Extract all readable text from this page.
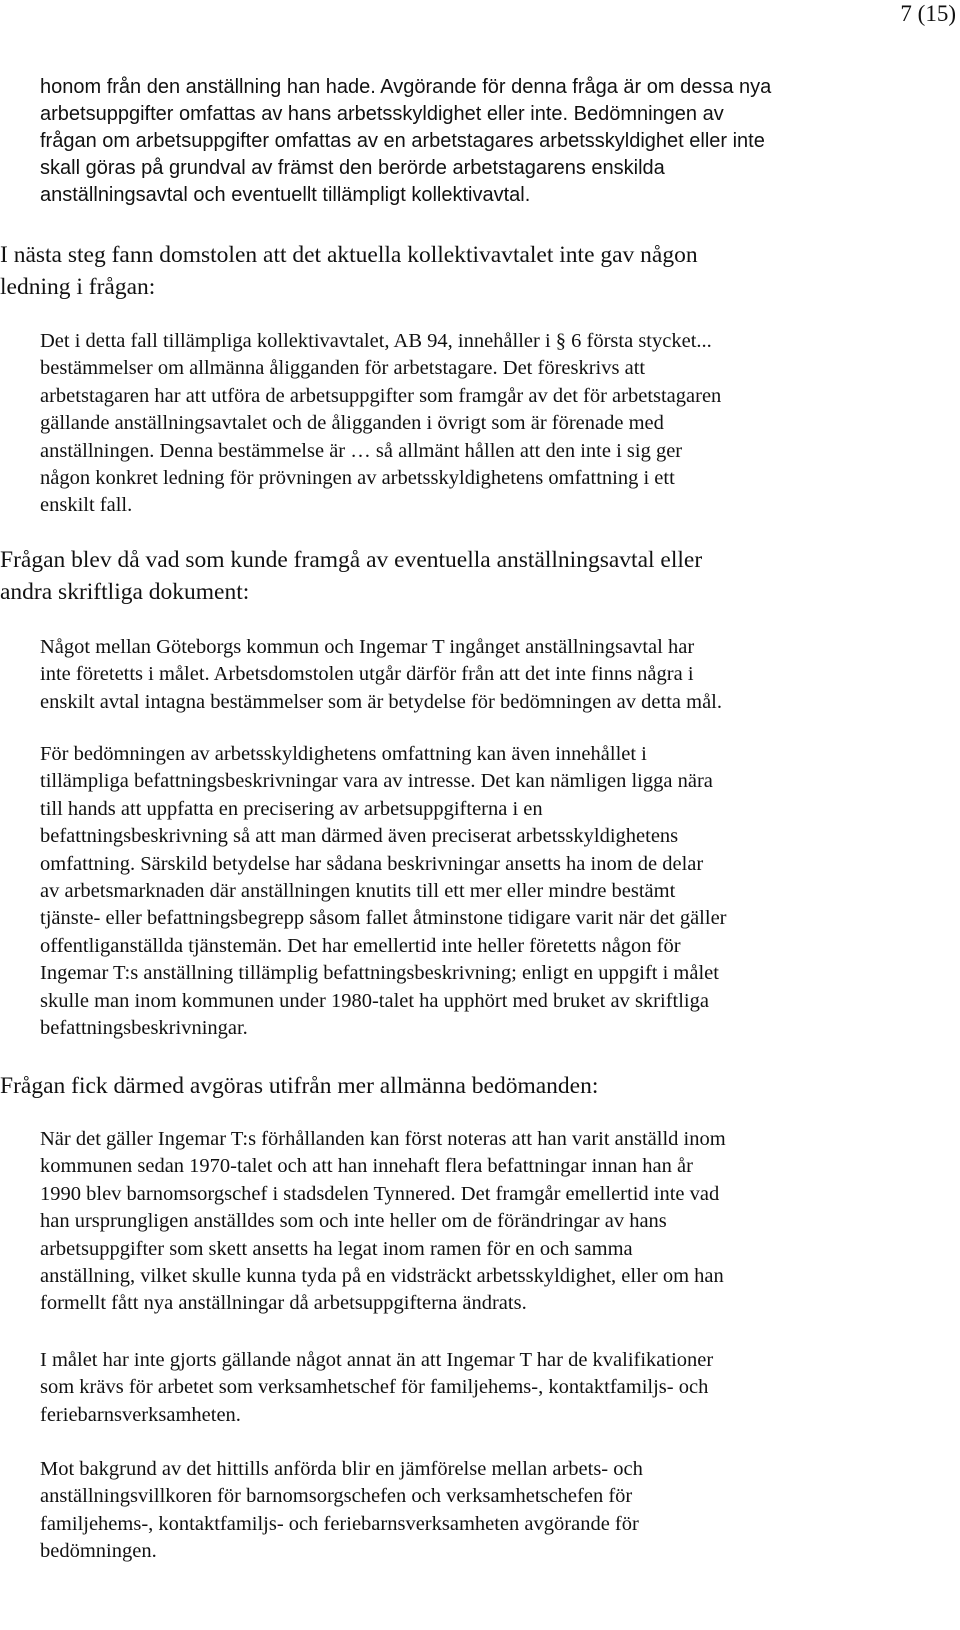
7 (15)

honom från den anställning han hade. Avgörande för denna fråga är om dessa nya
arbetsuppgifter omfattas av hans arbetsskyldighet eller inte. Bedömningen av
frågan om arbetsuppgifter omfattas av en arbetstagares arbetsskyldighet eller inte
skall göras på grundval av främst den berörde arbetstagarens enskilda
anställningsavtal och eventuellt tillämpligt kollektivavtal.

I nästa steg fann domstolen att det aktuella kollektivavtalet inte gav någon
ledning i frågan:

Det i detta fall tillämpliga kollektivavtalet, AB 94, innehåller i § 6 första stycket...
bestämmelser om allmänna åligganden för arbetstagare. Det föreskrivs att
arbetstagaren har att utföra de arbetsuppgifter som framgår av det för arbetstagaren
gällande anställningsavtalet och de åligganden i övrigt som är förenade med
anställningen. Denna bestämmelse är … så allmänt hållen att den inte i sig ger
någon konkret ledning för prövningen av arbetsskyldighetens omfattning i ett
enskilt fall.

Frågan blev då vad som kunde framgå av eventuella anställningsavtal eller
andra skriftliga dokument:

Något mellan Göteborgs kommun och Ingemar T ingånget anställningsavtal har
inte företetts i målet. Arbetsdomstolen utgår därför från att det inte finns några i
enskilt avtal intagna bestämmelser som är betydelse för bedömningen av detta mål.

För bedömningen av arbetsskyldighetens omfattning kan även innehållet i
tillämpliga befattningsbeskrivningar vara av intresse. Det kan nämligen ligga nära
till hands att uppfatta en precisering av arbetsuppgifterna i en
befattningsbeskrivning så att man därmed även preciserat arbetsskyldighetens
omfattning. Särskild betydelse har sådana beskrivningar ansetts ha inom de delar
av arbetsmarknaden där anställningen knutits till ett mer eller mindre bestämt
tjänste- eller befattningsbegrepp såsom fallet åtminstone tidigare varit när det gäller
offentliganställda tjänstemän. Det har emellertid inte heller företetts någon för
Ingemar T:s anställning tillämplig befattningsbeskrivning; enligt en uppgift i målet
skulle man inom kommunen under 1980-talet ha upphört med bruket av skriftliga
befattningsbeskrivningar.

Frågan fick därmed avgöras utifrån mer allmänna bedömanden:

När det gäller Ingemar T:s förhållanden kan först noteras att han varit anställd inom
kommunen sedan 1970-talet och att han innehaft flera befattningar innan han år
1990 blev barnomsorgschef i stadsdelen Tynnered. Det framgår emellertid inte vad
han ursprungligen anställdes som och inte heller om de förändringar av hans
arbetsuppgifter som skett ansetts ha legat inom ramen för en och samma
anställning, vilket skulle kunna tyda på en vidsträckt arbetsskyldighet, eller om han
formellt fått nya anställningar då arbetsuppgifterna ändrats.

I målet har inte gjorts gällande något annat än att Ingemar T har de kvalifikationer
som krävs för arbetet som verksamhetschef för familjehems-, kontaktfamiljs- och
feriebarnsverksamheten.

Mot bakgrund av det hittills anförda blir en jämförelse mellan arbets- och
anställningsvillkoren för barnomsorgschefen och verksamhetschefen för
familjehems-, kontaktfamiljs- och feriebarnsverksamheten avgörande för
bedömningen.
